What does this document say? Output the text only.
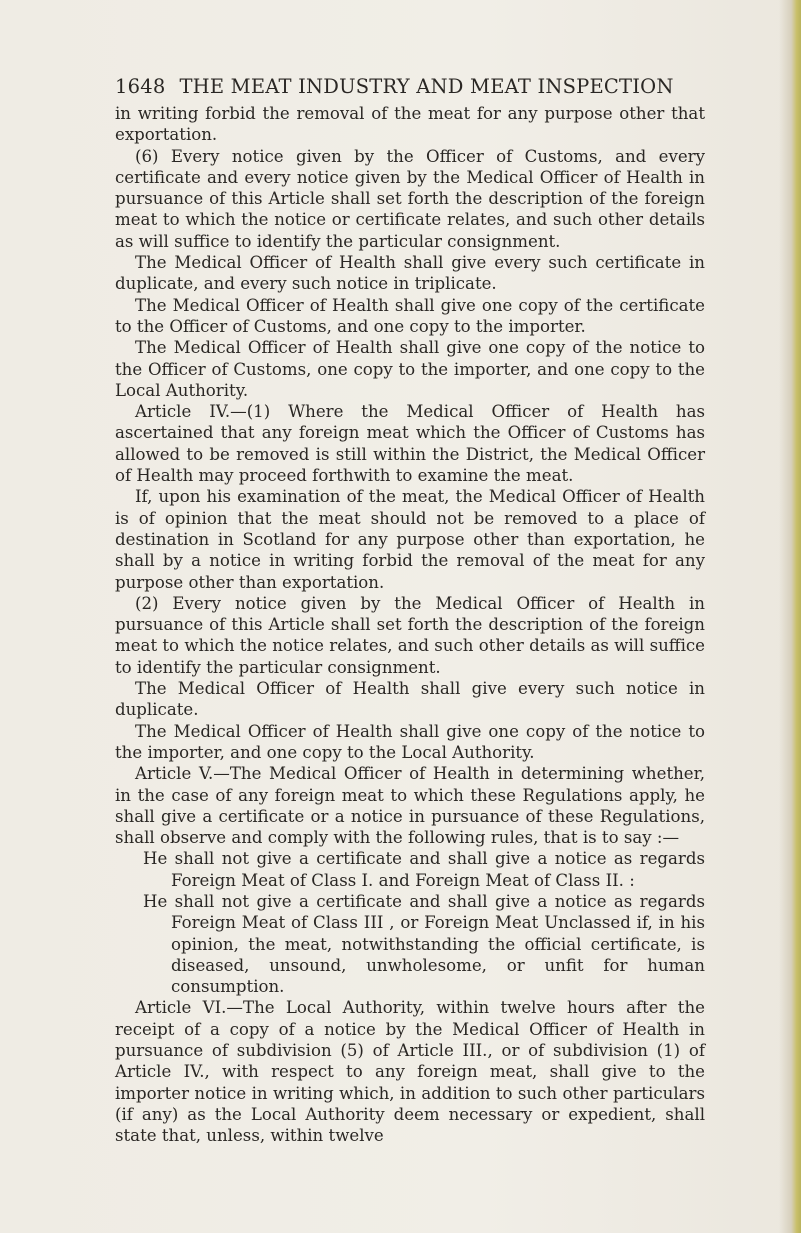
1648 THE MEAT INDUSTRY AND MEAT INSPECTION

in writing forbid the removal of the meat for any purpose other that exportation.

(6) Every notice given by the Officer of Customs, and every certificate and every notice given by the Medical Officer of Health in pursuance of this Article shall set forth the description of the foreign meat to which the notice or certificate relates, and such other details as will suffice to identify the particular consignment.

The Medical Officer of Health shall give every such certificate in duplicate, and every such notice in triplicate.

The Medical Officer of Health shall give one copy of the certificate to the Officer of Customs, and one copy to the importer.

The Medical Officer of Health shall give one copy of the notice to the Officer of Customs, one copy to the importer, and one copy to the Local Authority.

Article IV.—(1) Where the Medical Officer of Health has ascertained that any foreign meat which the Officer of Customs has allowed to be removed is still within the District, the Medical Officer of Health may proceed forthwith to examine the meat.

If, upon his examination of the meat, the Medical Officer of Health is of opinion that the meat should not be removed to a place of destination in Scotland for any purpose other than exportation, he shall by a notice in writing forbid the removal of the meat for any purpose other than exportation.

(2) Every notice given by the Medical Officer of Health in pursuance of this Article shall set forth the description of the foreign meat to which the notice relates, and such other details as will suffice to identify the particular consignment.

The Medical Officer of Health shall give every such notice in duplicate.

The Medical Officer of Health shall give one copy of the notice to the importer, and one copy to the Local Authority.

Article V.—The Medical Officer of Health in determining whether, in the case of any foreign meat to which these Regulations apply, he shall give a certificate or a notice in pursuance of these Regulations, shall observe and comply with the following rules, that is to say :—

He shall not give a certificate and shall give a notice as regards Foreign Meat of Class I. and Foreign Meat of Class II. :

He shall not give a certificate and shall give a notice as regards Foreign Meat of Class III , or Foreign Meat Unclassed if, in his opinion, the meat, notwithstanding the official certificate, is diseased, unsound, unwholesome, or unfit for human consumption.

Article VI.—The Local Authority, within twelve hours after the receipt of a copy of a notice by the Medical Officer of Health in pursuance of subdivision (5) of Article III., or of subdivision (1) of Article IV., with respect to any foreign meat, shall give to the importer notice in writing which, in addition to such other particulars (if any) as the Local Authority deem necessary or expedient, shall state that, unless, within twelve
